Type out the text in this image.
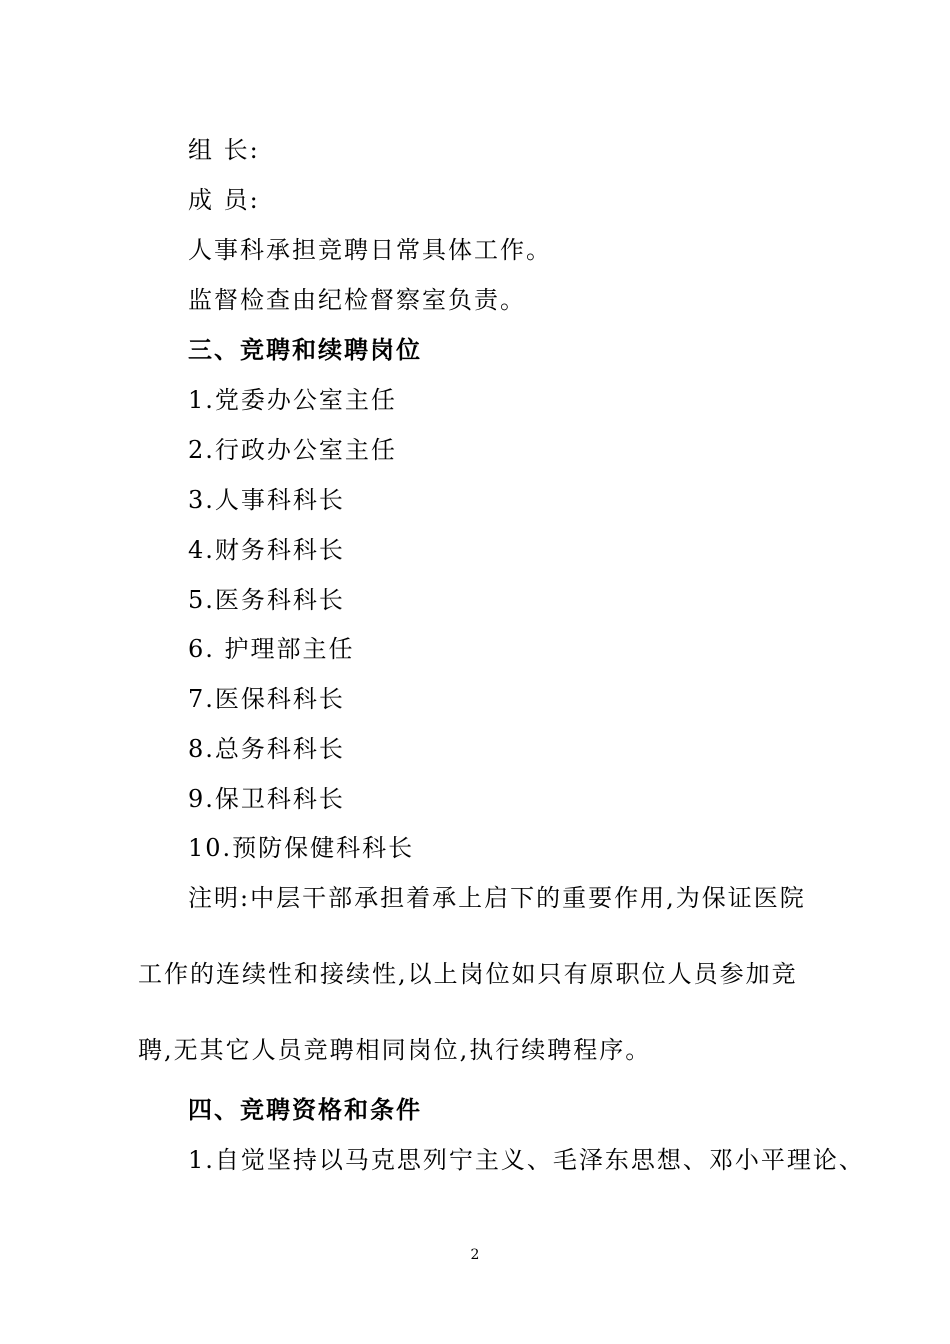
组 长:
成 员:
人事科承担竞聘日常具体工作。
监督检查由纪检督察室负责。
三、竞聘和续聘岗位
1.党委办公室主任
2.行政办公室主任
3.人事科科长
4.财务科科长
5.医务科科长
6. 护理部主任
7.医保科科长
8.总务科科长
9.保卫科科长
10.预防保健科科长
注明:中层干部承担着承上启下的重要作用,为保证医院
工作的连续性和接续性,以上岗位如只有原职位人员参加竞
聘,无其它人员竞聘相同岗位,执行续聘程序。
四、竞聘资格和条件
1.自觉坚持以马克思列宁主义、毛泽东思想、邓小平理论、
2
